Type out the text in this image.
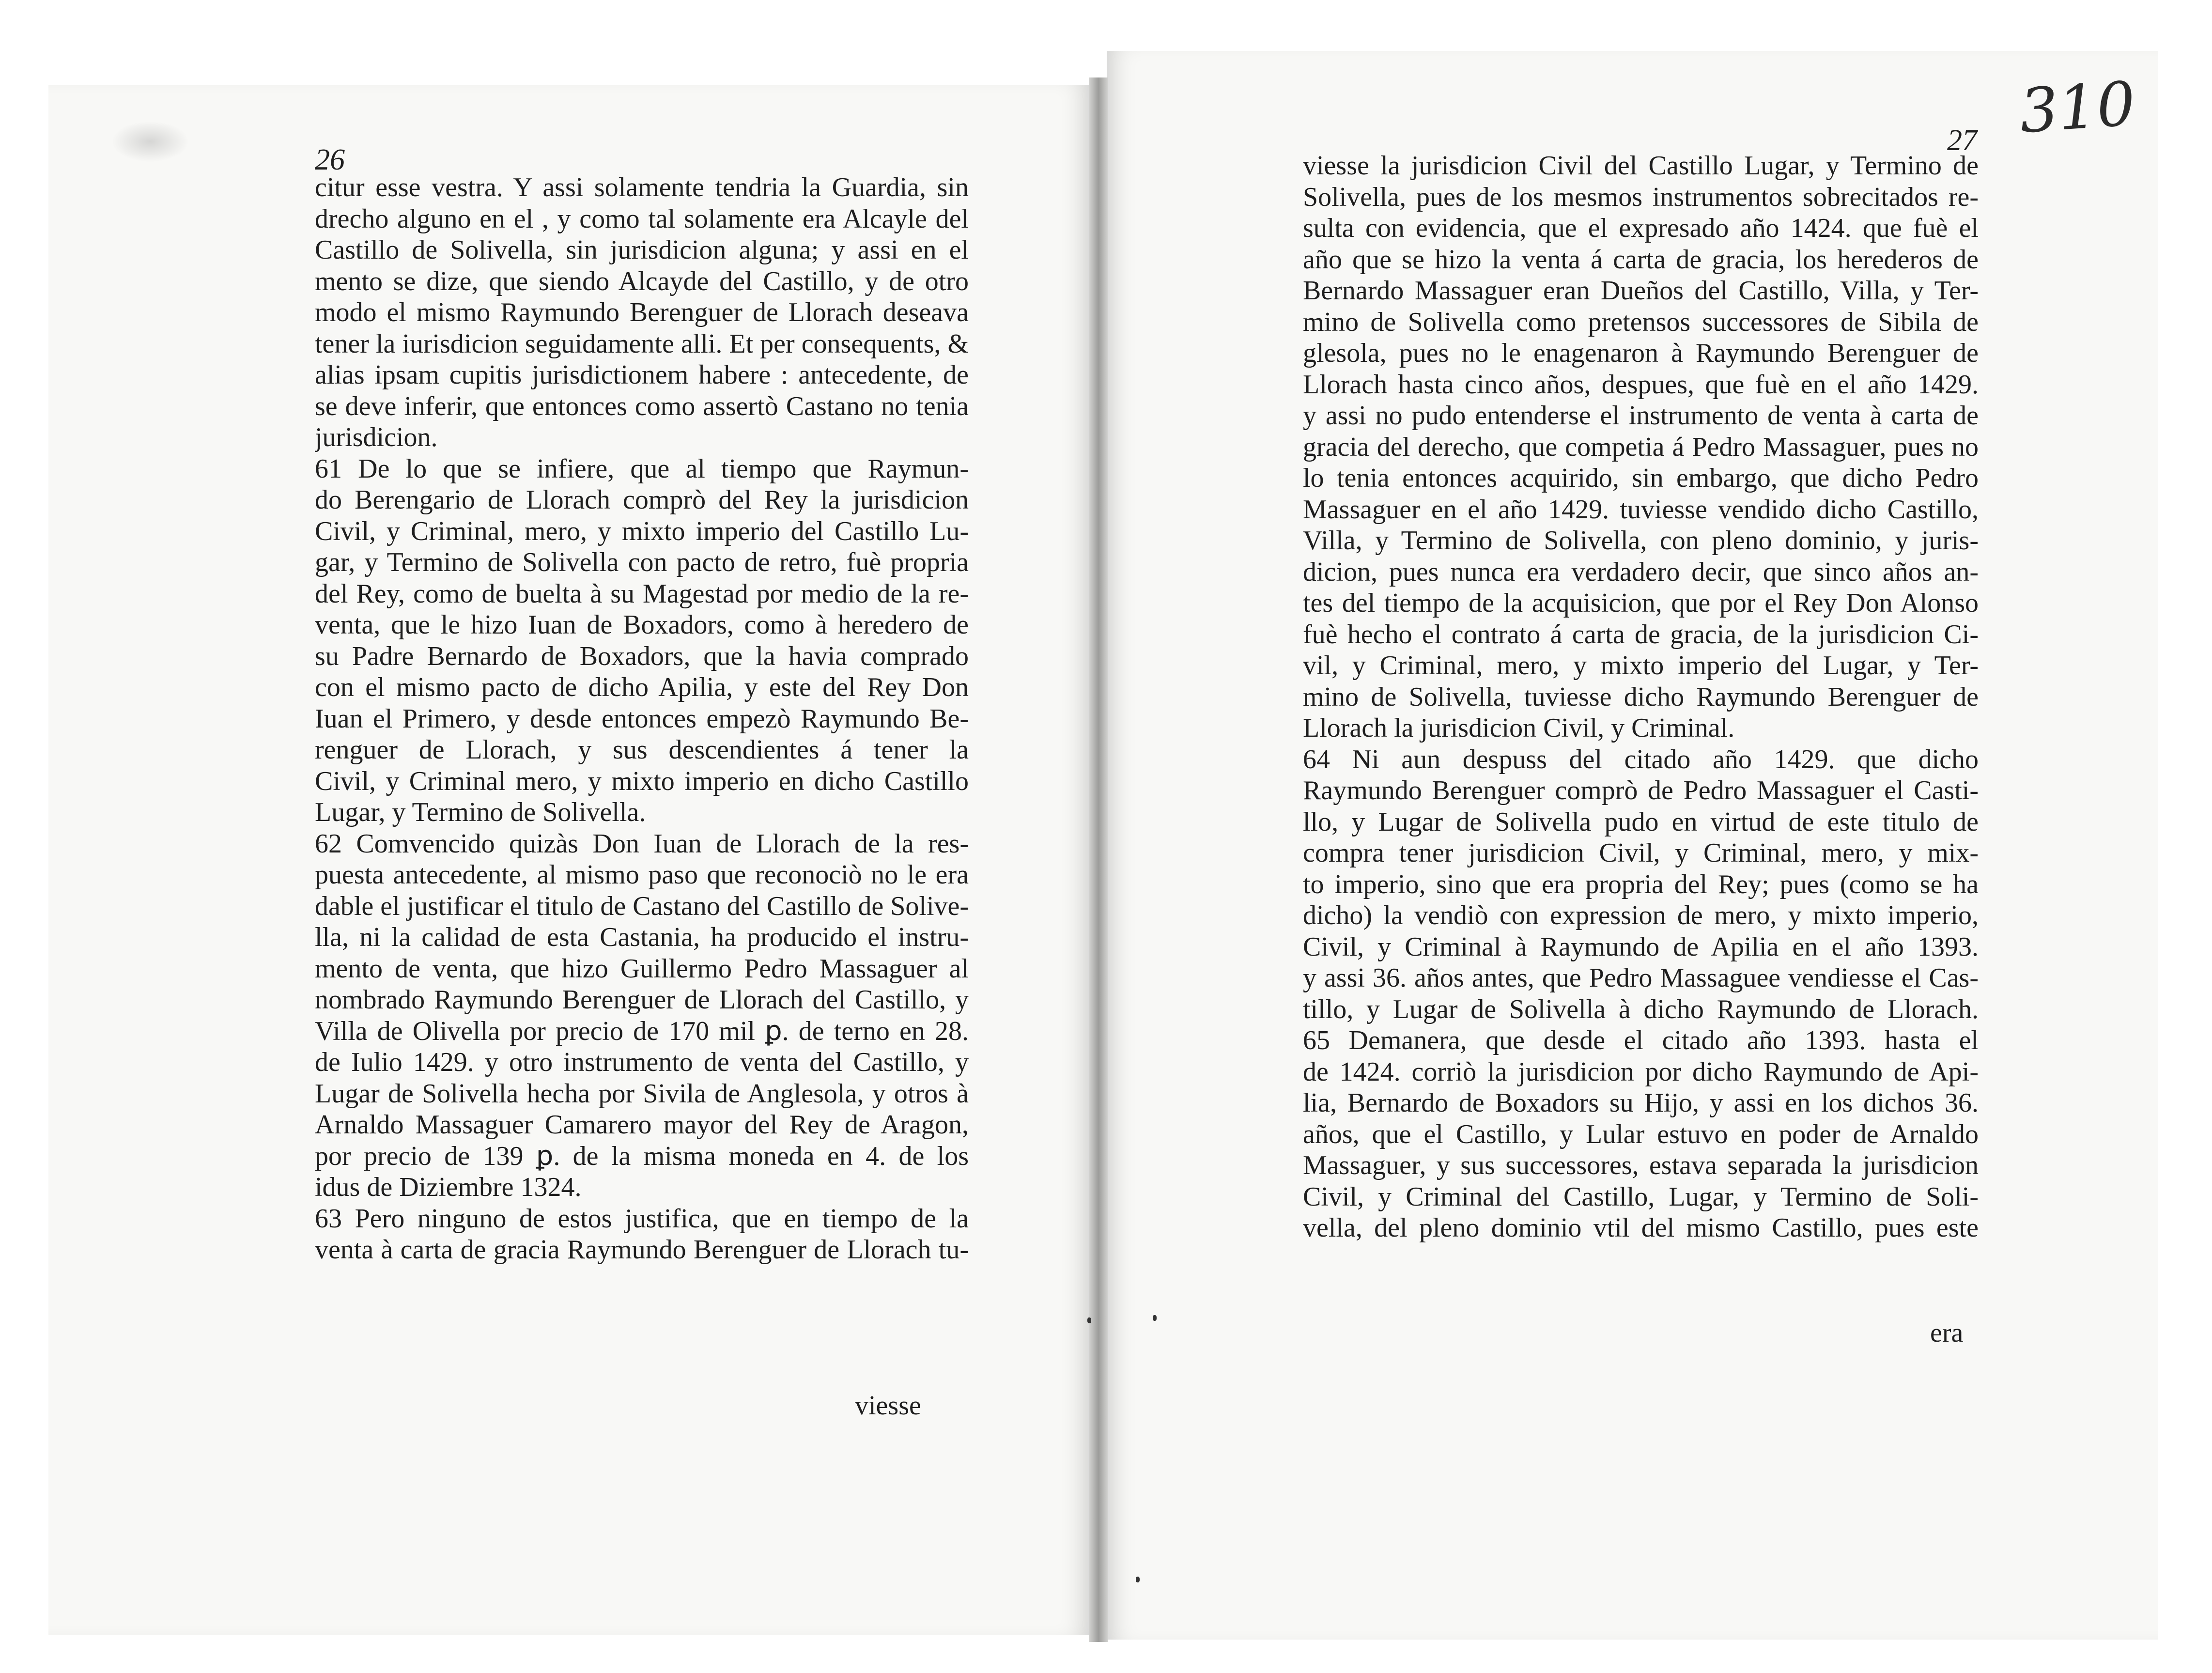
26
27 310
citur esse vestra. Y assi solamente tendria la Guardia, sin
drecho alguno en el , y como tal solamente era Alcayle del
Castillo de Solivella, sin jurisdicion alguna; y assi en el
mento se dize, que siendo Alcayde del Castillo, y de otro
modo el mismo Raymundo Berenguer de Llorach deseava
tener la iurisdicion seguidamente alli. Et per consequents, &
alias ipsam cupitis jurisdictionem habere : antecedente, de
se deve inferir, que entonces como assertò Castano no tenia
jurisdicion.
61 De lo que se infiere, que al tiempo que Raymun-
do Berengario de Llorach comprò del Rey la jurisdicion
Civil, y Criminal, mero, y mixto imperio del Castillo Lu-
gar, y Termino de Solivella con pacto de retro, fuè propria
del Rey, como de buelta à su Magestad por medio de la re-
venta, que le hizo Iuan de Boxadors, como à heredero de
su Padre Bernardo de Boxadors, que la havia comprado
con el mismo pacto de dicho Apilia, y este del Rey Don
Iuan el Primero, y desde entonces empezò Raymundo Be-
renguer de Llorach, y sus descendientes á tener la
Civil, y Criminal mero, y mixto imperio en dicho Castillo
Lugar, y Termino de Solivella.
62 Comvencido quizàs Don Iuan de Llorach de la res-
puesta antecedente, al mismo paso que reconociò no le era
dable el justificar el titulo de Castano del Castillo de Solive-
lla, ni la calidad de esta Castania, ha producido el instru-
mento de venta, que hizo Guillermo Pedro Massaguer al
nombrado Raymundo Berenguer de Llorach del Castillo, y
Villa de Olivella por precio de 170 mil ꝑ. de terno en 28.
de Iulio 1429. y otro instrumento de venta del Castillo, y
Lugar de Solivella hecha por Sivila de Anglesola, y otros à
Arnaldo Massaguer Camarero mayor del Rey de Aragon,
por precio de 139 ꝑ. de la misma moneda en 4. de los
idus de Diziembre 1324.
63 Pero ninguno de estos justifica, que en tiempo de la
venta à carta de gracia Raymundo Berenguer de Llorach tu-
viesse la jurisdicion Civil del Castillo Lugar, y Termino de
Solivella, pues de los mesmos instrumentos sobrecitados re-
sulta con evidencia, que el expresado año 1424. que fuè el
año que se hizo la venta á carta de gracia, los herederos de
Bernardo Massaguer eran Dueños del Castillo, Villa, y Ter-
mino de Solivella como pretensos successores de Sibila de
glesola, pues no le enagenaron à Raymundo Berenguer de
Llorach hasta cinco años, despues, que fuè en el año 1429.
y assi no pudo entenderse el instrumento de venta à carta de
gracia del derecho, que competia á Pedro Massaguer, pues no
lo tenia entonces acquirido, sin embargo, que dicho Pedro
Massaguer en el año 1429. tuviesse vendido dicho Castillo,
Villa, y Termino de Solivella, con pleno dominio, y juris-
dicion, pues nunca era verdadero decir, que sinco años an-
tes del tiempo de la acquisicion, que por el Rey Don Alonso
fuè hecho el contrato á carta de gracia, de la jurisdicion Ci-
vil, y Criminal, mero, y mixto imperio del Lugar, y Ter-
mino de Solivella, tuviesse dicho Raymundo Berenguer de
Llorach la jurisdicion Civil, y Criminal.
64 Ni aun despuss del citado año 1429. que dicho
Raymundo Berenguer comprò de Pedro Massaguer el Casti-
llo, y Lugar de Solivella pudo en virtud de este titulo de
compra tener jurisdicion Civil, y Criminal, mero, y mix-
to imperio, sino que era propria del Rey; pues (como se ha
dicho) la vendiò con expression de mero, y mixto imperio,
Civil, y Criminal à Raymundo de Apilia en el año 1393.
y assi 36. años antes, que Pedro Massaguee vendiesse el Cas-
tillo, y Lugar de Solivella à dicho Raymundo de Llorach.
65 Demanera, que desde el citado año 1393. hasta el
de 1424. corriò la jurisdicion por dicho Raymundo de Api-
lia, Bernardo de Boxadors su Hijo, y assi en los dichos 36.
años, que el Castillo, y Lular estuvo en poder de Arnaldo
Massaguer, y sus successores, estava separada la jurisdicion
Civil, y Criminal del Castillo, Lugar, y Termino de Soli-
vella, del pleno dominio vtil del mismo Castillo, pues este
viesse
era
